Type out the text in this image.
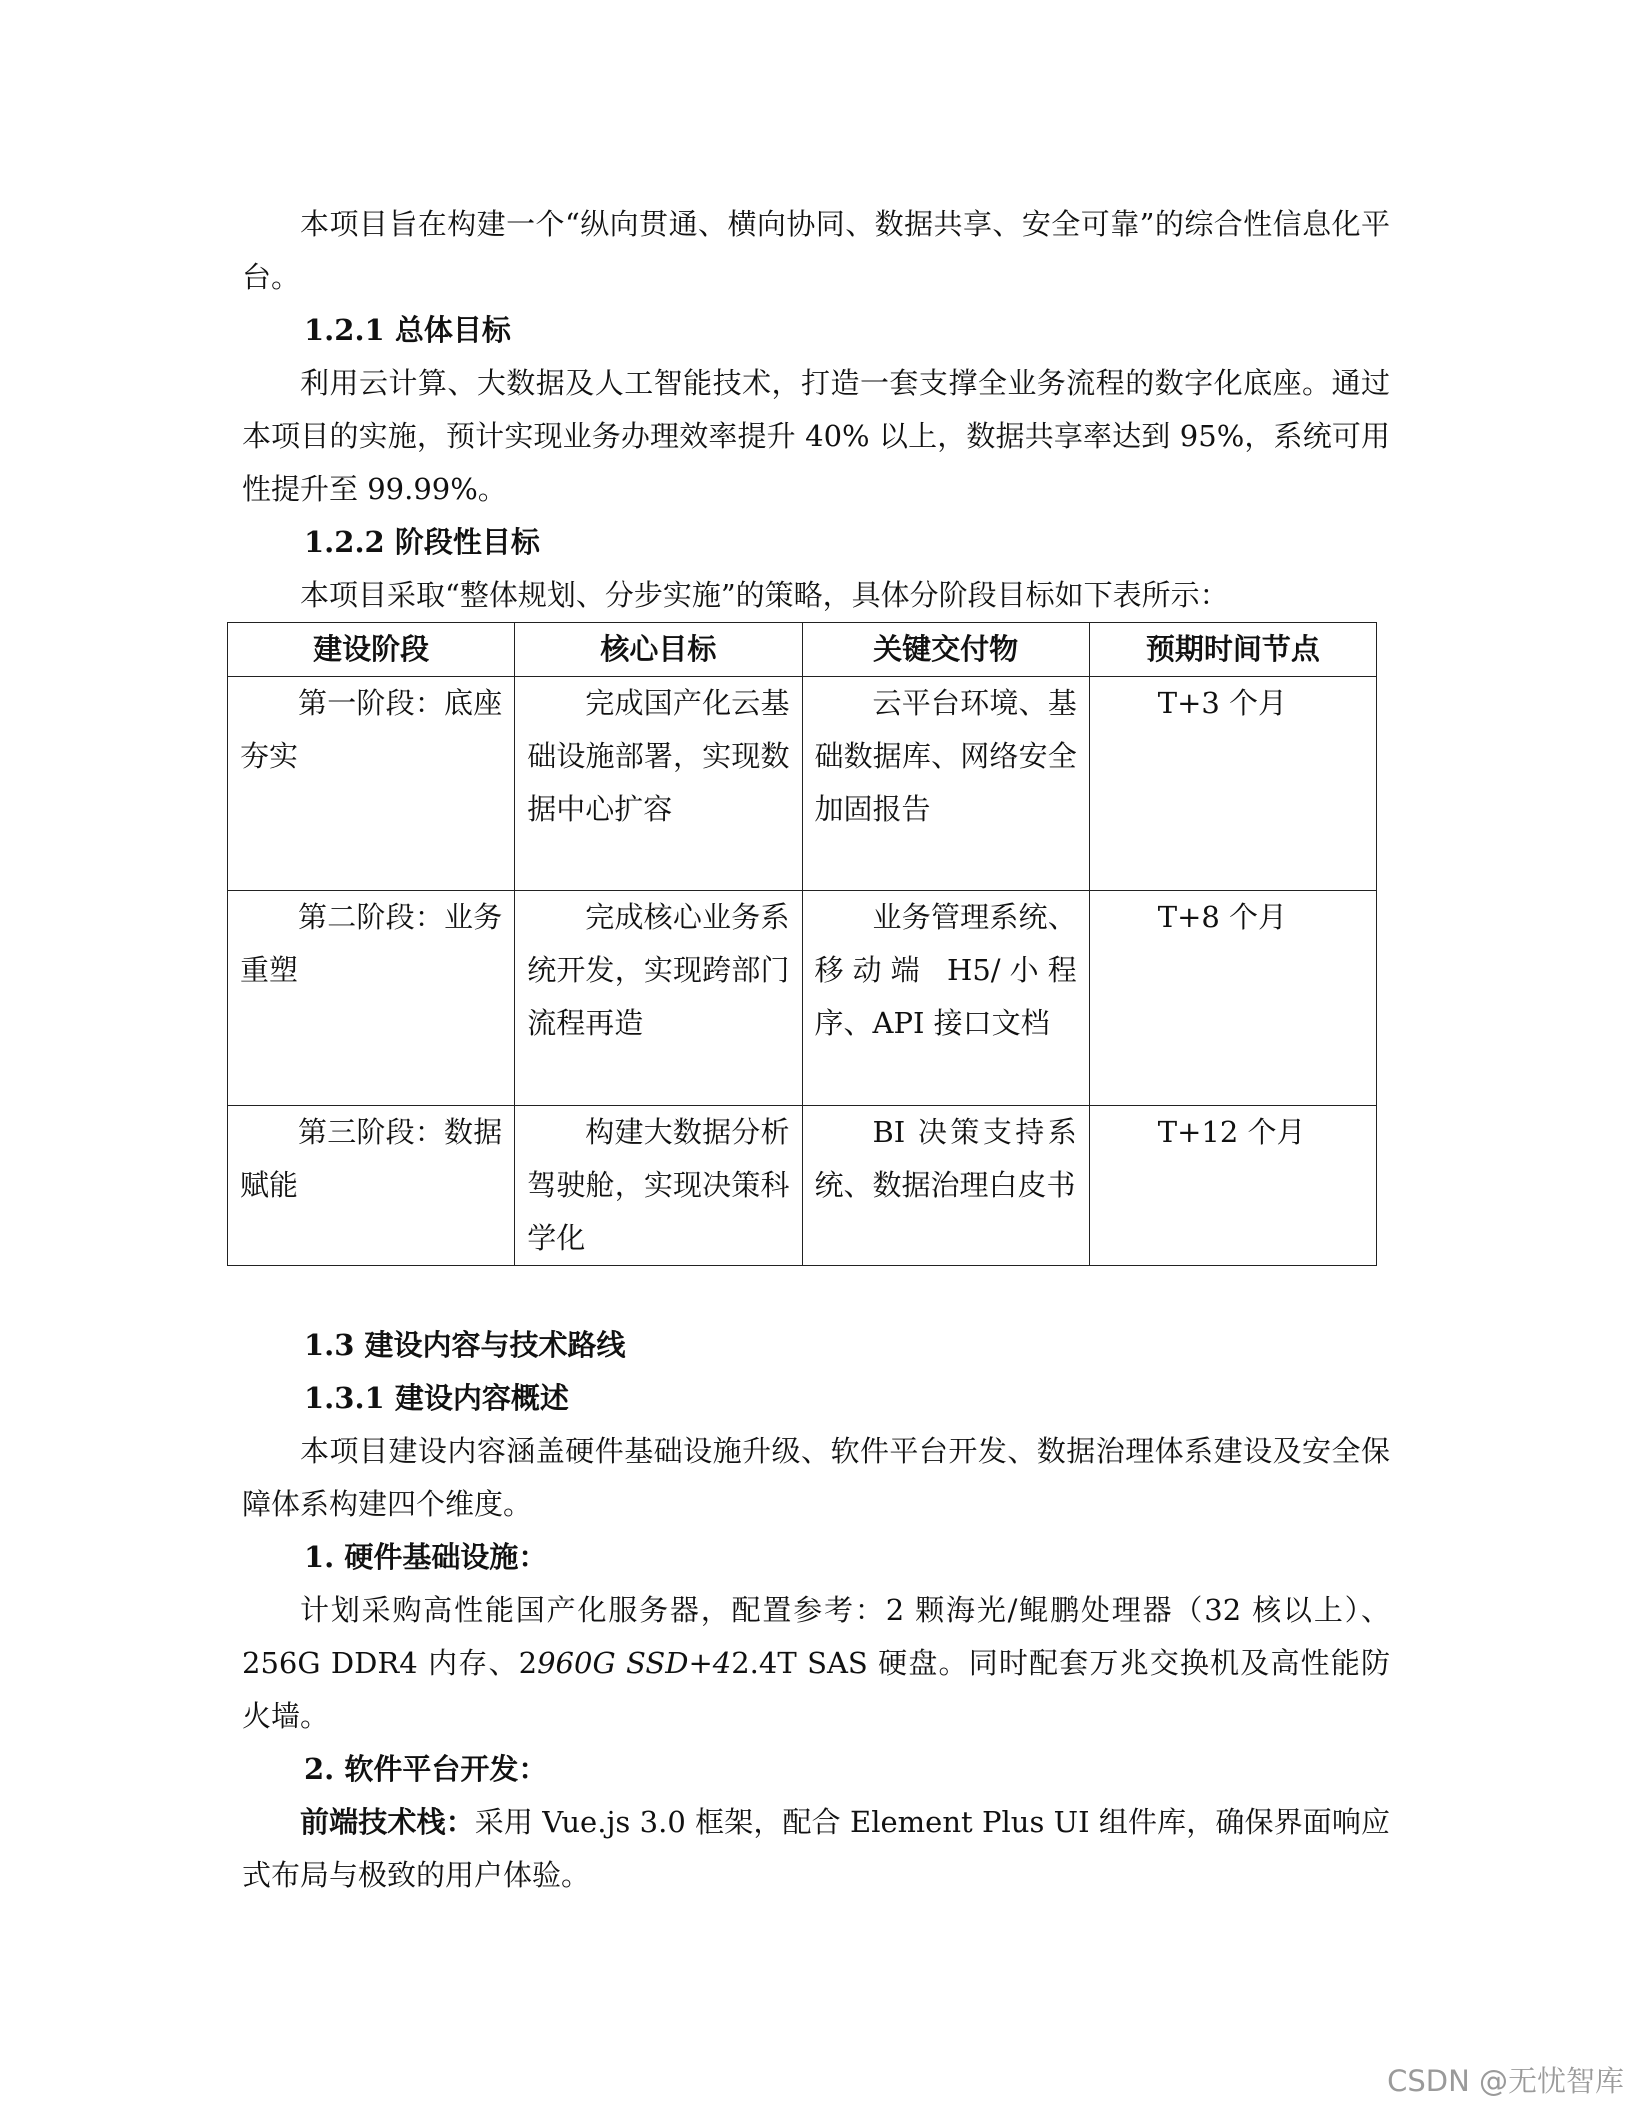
本项目旨在构建一个“纵向贯通、横向协同、数据共享、安全可靠”的综合性信息化平台。

1.2.1 总体目标

利用云计算、大数据及人工智能技术，打造一套支撑全业务流程的数字化底座。通过本项目的实施，预计实现业务办理效率提升 40% 以上，数据共享率达到 95%，系统可用性提升至 99.99%。

1.2.2 阶段性目标

本项目采取“整体规划、分步实施”的策略，具体分阶段目标如下表所示：

建设阶段	核心目标	关键交付物	预期时间节点
第一阶段：底座夯实	完成国产化云基础设施部署，实现数据中心扩容	云平台环境、基础数据库、网络安全加固报告	T+3 个月
第二阶段：业务重塑	完成核心业务系统开发，实现跨部门流程再造	业务管理系统、移动端 H5/小程序、API 接口文档	T+8 个月
第三阶段：数据赋能	构建大数据分析驾驶舱，实现决策科学化	BI 决策支持系统、数据治理白皮书	T+12 个月

1.3 建设内容与技术路线

1.3.1 建设内容概述

本项目建设内容涵盖硬件基础设施升级、软件平台开发、数据治理体系建设及安全保障体系构建四个维度。

1. 硬件基础设施：

计划采购高性能国产化服务器，配置参考：2 颗海光/鲲鹏处理器（32 核以上）、256G DDR4 内存、2960G SSD+42.4T SAS 硬盘。同时配套万兆交换机及高性能防火墙。

2. 软件平台开发：

前端技术栈：采用 Vue.js 3.0 框架，配合 Element Plus UI 组件库，确保界面响应式布局与极致的用户体验。

CSDN @无忧智库
